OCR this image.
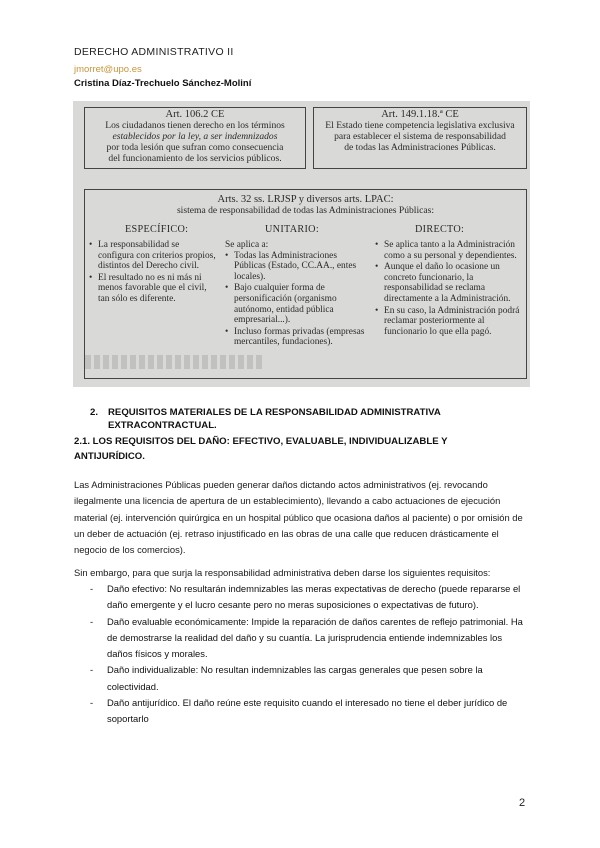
DERECHO ADMINISTRATIVO II
jmorret@upo.es
Cristina Díaz-Trechuelo Sánchez-Moliní
Art. 106.2 CE
Los ciudadanos tienen derecho en los términos
establecidos por la ley, a ser indemnizados
por toda lesión que sufran como consecuencia
del funcionamiento de los servicios públicos.
Art. 149.1.18.ª CE
El Estado tiene competencia legislativa exclusiva
para establecer el sistema de responsabilidad
de todas las Administraciones Públicas.
Arts. 32 ss. LRJSP y diversos arts. LPAC:
sistema de responsabilidad de todas las Administraciones Públicas:
ESPECÍFICO:	UNITARIO:	DIRECTO:
• La responsabilidad se configura con criterios propios, distintos del Derecho civil.
• El resultado no es ni más ni menos favorable que el civil, tan sólo es diferente.
Se aplica a:
• Todas las Administraciones Públicas (Estado, CC.AA., entes locales).
• Bajo cualquier forma de personificación (organismo autónomo, entidad pública empresarial...).
• Incluso formas privadas (empresas mercantiles, fundaciones).
• Se aplica tanto a la Administración como a su personal y dependientes.
• Aunque el daño lo ocasione un concreto funcionario, la responsabilidad se reclama directamente a la Administración.
• En su caso, la Administración podrá reclamar posteriormente al funcionario lo que ella pagó.
2. REQUISITOS MATERIALES DE LA RESPONSABILIDAD ADMINISTRATIVA EXTRACONTRACTUAL.
2.1. LOS REQUISITOS DEL DAÑO: EFECTIVO, EVALUABLE, INDIVIDUALIZABLE Y ANTIJURÍDICO.
Las Administraciones Públicas pueden generar daños dictando actos administrativos (ej. revocando ilegalmente una licencia de apertura de un establecimiento), llevando a cabo actuaciones de ejecución material (ej. intervención quirúrgica en un hospital público que ocasiona daños al paciente) o por omisión de un deber de actuación (ej. retraso injustificado en las obras de una calle que reducen drásticamente el negocio de los comercios).
Sin embargo, para que surja la responsabilidad administrativa deben darse los siguientes requisitos:
- Daño efectivo: No resultarán indemnizables las meras expectativas de derecho (puede repararse el daño emergente y el lucro cesante pero no meras suposiciones o expectativas de futuro).
- Daño evaluable económicamente: Impide la reparación de daños carentes de reflejo patrimonial. Ha de demostrarse la realidad del daño y su cuantía. La jurisprudencia entiende indemnizables los daños físicos y morales.
- Daño individualizable: No resultan indemnizables las cargas generales que pesen sobre la colectividad.
- Daño antijurídico. El daño reúne este requisito cuando el interesado no tiene el deber jurídico de soportarlo
2
